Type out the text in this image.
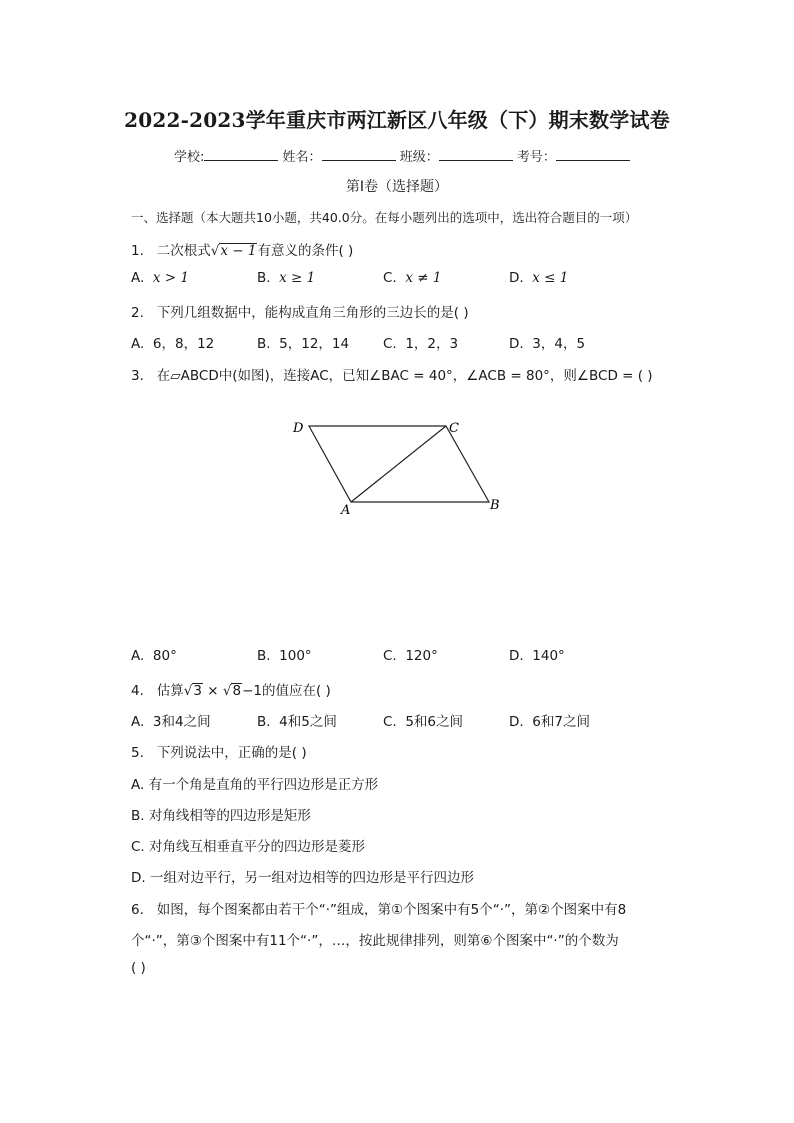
2022-2023学年重庆市两江新区八年级（下）期末数学试卷
学校:	姓名：	班级：	考号：
第I卷（选择题）
一、选择题（本大题共10小题，共40.0分。在每小题列出的选项中，选出符合题目的一项）
1. 二次根式√x − 1有意义的条件( )
A. x > 1	B. x ≥ 1	C. x ≠ 1	D. x ≤ 1
2. 下列几组数据中，能构成直角三角形的三边长的是( )
A. 6，8，12	B. 5，12，14	C. 1，2，3	D. 3，4，5
3. 在▱ABCD中(如图)，连接AC，已知∠BAC = 40°，∠ACB = 80°，则∠BCD = ( )
D	C
A	B
A. 80°	B. 100°	C. 120°	D. 140°
4. 估算√3 × √8−1的值应在( )
A. 3和4之间	B. 4和5之间	C. 5和6之间	D. 6和7之间
5. 下列说法中，正确的是( )
A. 有一个角是直角的平行四边形是正方形
B. 对角线相等的四边形是矩形
C. 对角线互相垂直平分的四边形是菱形
D. 一组对边平行，另一组对边相等的四边形是平行四边形
6. 如图，每个图案都由若干个“·”组成，第①个图案中有5个“·”，第②个图案中有8
个“·”，第③个图案中有11个“·”，…，按此规律排列，则第⑥个图案中“·”的个数为
( )
